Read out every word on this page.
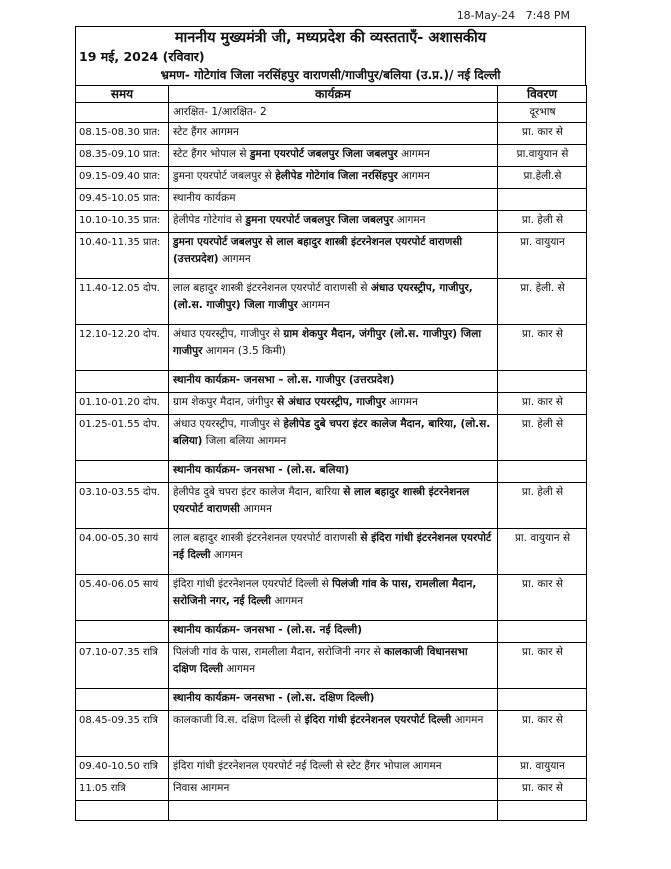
18-May-24 7:48 PM
माननीय मुख्यमंत्री जी, मध्यप्रदेश की व्यस्तताएँ- अशासकीय
19 मई, 2024 (रविवार)
भ्रमण- गोटेगांव जिला नरसिंहपुर वाराणसी/गाजीपुर/बलिया (उ.प्र.)/ नई दिल्ली
समय	कार्यक्रम	विवरण
	आरक्षित- 1/आरक्षित- 2	दूरभाष
08.15-08.30 प्रात:	स्टेट हैंगर आगमन	प्रा. कार से
08.35-09.10 प्रात:	स्टेट हैंगर भोपाल से डुमना एयरपोर्ट जबलपुर जिला जबलपुर आगमन	प्रा.वायुयान से
09.15-09.40 प्रात:	डुमना एयरपोर्ट जबलपुर से हेलीपेड गोटेगांव जिला नरसिंहपुर आगमन	प्रा.हेली.से
09.45-10.05 प्रात:	स्थानीय कार्यक्रम	
10.10-10.35 प्रात:	हेलीपेड गोटेगांव से डुमना एयरपोर्ट जबलपुर जिला जबलपुर आगमन	प्रा. हेली से
10.40-11.35 प्रात:	डुमना एयरपोर्ट जबलपुर से लाल बहादुर शास्त्री इंटरनेशनल एयरपोर्ट वाराणसी (उत्तरप्रदेश) आगमन	प्रा. वायुयान
11.40-12.05 दोप.	लाल बहादुर शास्त्री इंटरनेशनल एयरपोर्ट वाराणसी से अंधाउ एयरस्ट्रीप, गाजीपुर, (लो.स. गाजीपुर) जिला गाजीपुर आगमन	प्रा. हेली. से
12.10-12.20 दोप.	अंधाउ एयरस्ट्रीप, गाजीपुर से ग्राम शेकपुर मैदान, जंगीपुर (लो.स. गाजीपुर) जिला गाजीपुर आगमन (3.5 किमी)	प्रा. कार से
	स्थानीय कार्यक्रम- जनसभा – लो.स. गाजीपुर (उत्तरप्रदेश)	
01.10-01.20 दोप.	ग्राम शेकपुर मैदान, जंगीपुर से अंधाउ एयरस्ट्रीप, गाजीपुर आगमन	प्रा. कार से
01.25-01.55 दोप.	अंधाउ एयरस्ट्रीप, गाजीपुर से हेलीपेड दुबे चपरा इंटर कालेज मैदान, बारिया, (लो.स. बलिया) जिला बलिया आगमन	प्रा. हेली से
	स्थानीय कार्यक्रम- जनसभा - (लो.स. बलिया)	
03.10-03.55 दोप.	हेलीपेड दुबे चपरा इंटर कालेज मैदान, बारिया से लाल बहादुर शास्त्री इंटरनेशनल एयरपोर्ट वाराणसी आगमन	प्रा. हेली से
04.00-05.30 सायं	लाल बहादुर शास्त्री इंटरनेशनल एयरपोर्ट वाराणसी से इंदिरा गांधी इंटरनेशनल एयरपोर्ट नई दिल्ली आगमन	प्रा. वायुयान से
05.40-06.05 सायं	इंदिरा गांधी इंटरनेशनल एयरपोर्ट दिल्ली से पिलंजी गांव के पास, रामलीला मैदान, सरोजिनी नगर, नई दिल्ली आगमन	प्रा. कार से
	स्थानीय कार्यक्रम- जनसभा - (लो.स. नई दिल्ली)	
07.10-07.35 रात्रि	पिलंजी गांव के पास, रामलीला मैदान, सरोजिनी नगर से कालकाजी विधानसभा दक्षिण दिल्ली आगमन	प्रा. कार से
	स्थानीय कार्यक्रम- जनसभा - (लो.स. दक्षिण दिल्ली)	
08.45-09.35 रात्रि	कालकाजी वि.स. दक्षिण दिल्ली से इंदिरा गांधी इंटरनेशनल एयरपोर्ट दिल्ली आगमन	प्रा. कार से
09.40-10.50 रात्रि	इंदिरा गांधी इंटरनेशनल एयरपोर्ट नई दिल्ली से स्टेट हैंगर भोपाल आगमन	प्रा. वायुयान
11.05 रात्रि	निवास आगमन	प्रा. कार से
